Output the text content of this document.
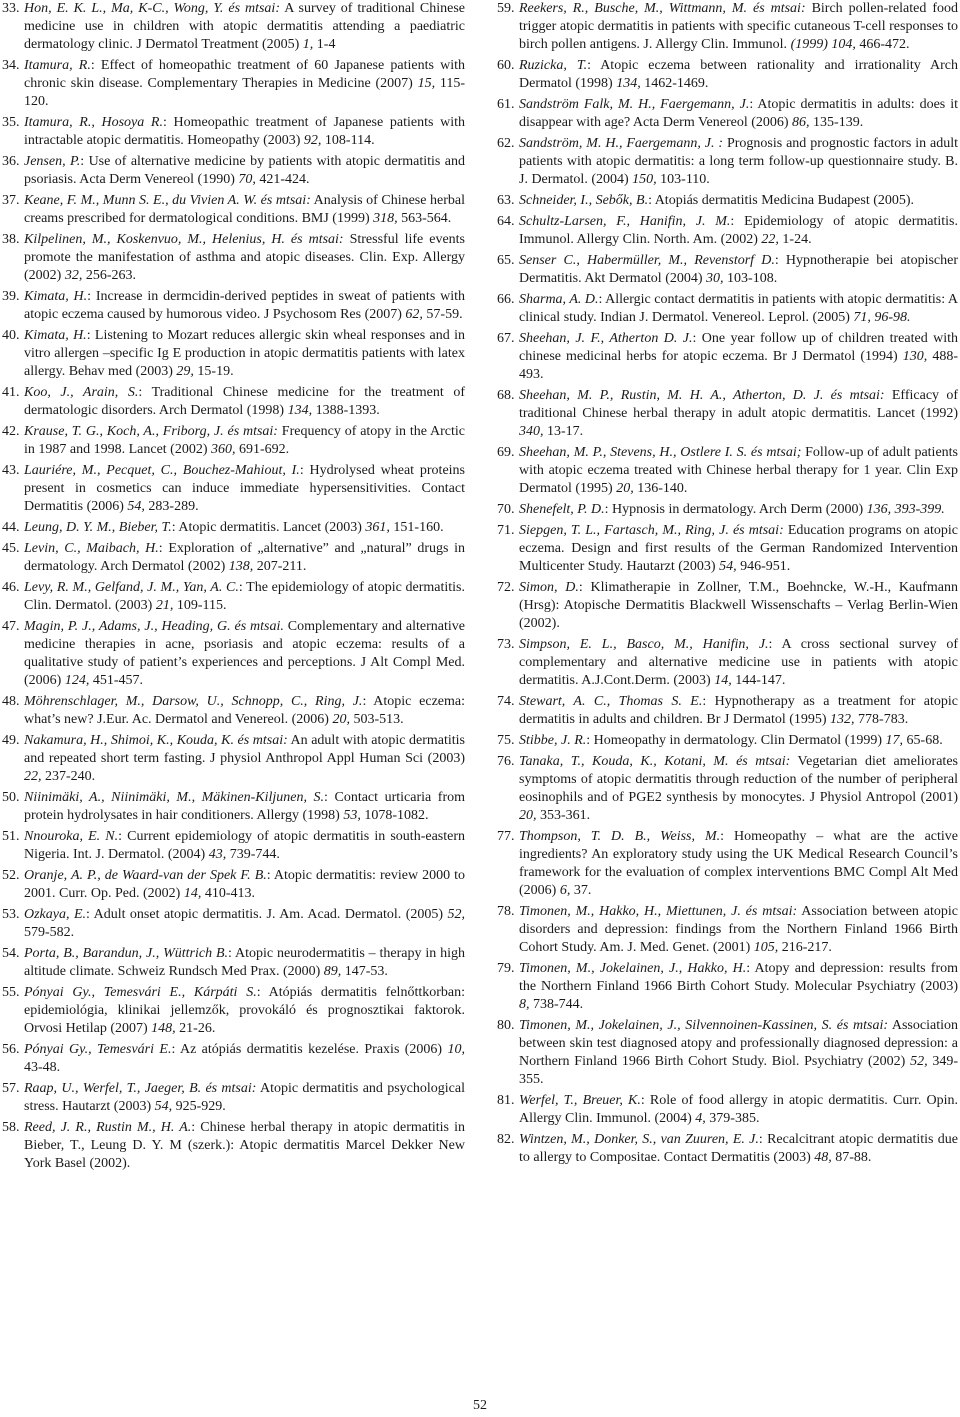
33. Hon, E. K. L., Ma, K-C., Wong, Y. és mtsai: A survey of traditional Chinese medicine use in children with atopic dermatitis attending a paediatric dermatology clinic. J Dermatol Treatment (2005) 1, 1-4
34. Itamura, R.: Effect of homeopathic treatment of 60 Japanese patients with chronic skin disease. Complementary Therapies in Medicine (2007) 15, 115-120.
35. Itamura, R., Hosoya R.: Homeopathic treatment of Japanese patients with intractable atopic dermatitis. Homeopathy (2003) 92, 108-114.
36. Jensen, P.: Use of alternative medicine by patients with atopic dermatitis and psoriasis. Acta Derm Venereol (1990) 70, 421-424.
37. Keane, F. M., Munn S. E., du Vivien A. W. és mtsai: Analysis of Chinese herbal creams prescribed for dermatological conditions. BMJ (1999) 318, 563-564.
38. Kilpelinen, M., Koskenvuo, M., Helenius, H. és mtsai: Stressful life events promote the manifestation of asthma and atopic diseases. Clin. Exp. Allergy (2002) 32, 256-263.
39. Kimata, H.: Increase in dermcidin-derived peptides in sweat of patients with atopic eczema caused by humorous video. J Psychosom Res (2007) 62, 57-59.
40. Kimata, H.: Listening to Mozart reduces allergic skin wheal responses and in vitro allergen –specific Ig E production in atopic dermatitis patients with latex allergy. Behav med (2003) 29, 15-19.
41. Koo, J., Arain, S.: Traditional Chinese medicine for the treatment of dermatologic disorders. Arch Dermatol (1998) 134, 1388-1393.
42. Krause, T. G., Koch, A., Friborg, J. és mtsai: Frequency of atopy in the Arctic in 1987 and 1998. Lancet (2002) 360, 691-692.
43. Lauriére, M., Pecquet, C., Bouchez-Mahiout, I.: Hydrolysed wheat proteins present in cosmetics can induce immediate hypersensitivities. Contact Dermatitis (2006) 54, 283-289.
44. Leung, D. Y. M., Bieber, T.: Atopic dermatitis. Lancet (2003) 361, 151-160.
45. Levin, C., Maibach, H.: Exploration of „alternative” and „natural” drugs in dermatology. Arch Dermatol (2002) 138, 207-211.
46. Levy, R. M., Gelfand, J. M., Yan, A. C.: The epidemiology of atopic dermatitis. Clin. Dermatol. (2003) 21, 109-115.
47. Magin, P. J., Adams, J., Heading, G. és mtsai. Complementary and alternative medicine therapies in acne, psoriasis and atopic eczema: results of a qualitative study of patient’s experiences and perceptions. J Alt Compl Med. (2006) 124, 451-457.
48. Möhrenschlager, M., Darsow, U., Schnopp, C., Ring, J.: Atopic eczema: what’s new? J.Eur. Ac. Dermatol and Venereol. (2006) 20, 503-513.
49. Nakamura, H., Shimoi, K., Kouda, K. és mtsai: An adult with atopic dermatitis and repeated short term fasting. J physiol Anthropol Appl Human Sci (2003) 22, 237-240.
50. Niinimäki, A., Niinimäki, M., Mäkinen-Kiljunen, S.: Contact urticaria from protein hydrolysates in hair conditioners. Allergy (1998) 53, 1078-1082.
51. Nnouroka, E. N.: Current epidemiology of atopic dermatitis in south-eastern Nigeria. Int. J. Dermatol. (2004) 43, 739-744.
52. Oranje, A. P., de Waard-van der Spek F. B.: Atopic dermatitis: review 2000 to 2001. Curr. Op. Ped. (2002) 14, 410-413.
53. Ozkaya, E.: Adult onset atopic dermatitis. J. Am. Acad. Dermatol. (2005) 52, 579-582.
54. Porta, B., Barandun, J., Wüttrich B.: Atopic neurodermatitis – therapy in high altitude climate. Schweiz Rundsch Med Prax. (2000) 89, 147-53.
55. Pónyai Gy., Temesvári E., Kárpáti S.: Atópiás dermatitis felnőttkorban: epidemiológia, klinikai jellemzők, provokáló és prognosztikai faktorok. Orvosi Hetilap (2007) 148, 21-26.
56. Pónyai Gy., Temesvári E.: Az atópiás dermatitis kezelése. Praxis (2006) 10, 43-48.
57. Raap, U., Werfel, T., Jaeger, B. és mtsai: Atopic dermatitis and psychological stress. Hautarzt (2003) 54, 925-929.
58. Reed, J. R., Rustin M., H. A.: Chinese herbal therapy in atopic dermatitis in Bieber, T., Leung D. Y. M (szerk.): Atopic dermatitis Marcel Dekker New York Basel (2002).
59. Reekers, R., Busche, M., Wittmann, M. és mtsai: Birch pollen-related food trigger atopic dermatitis in patients with specific cutaneous T-cell responses to birch pollen antigens. J. Allergy Clin. Immunol. (1999) 104, 466-472.
60. Ruzicka, T.: Atopic eczema between rationality and irrationality Arch Dermatol (1998) 134, 1462-1469.
61. Sandström Falk, M. H., Faergemann, J.: Atopic dermatitis in adults: does it disappear with age? Acta Derm Venereol (2006) 86, 135-139.
62. Sandström, M. H., Faergemann, J. : Prognosis and prognostic factors in adult patients with atopic dermatitis: a long term follow-up questionnaire study. B. J. Dermatol. (2004) 150, 103-110.
63. Schneider, I., Sebők, B.: Atopiás dermatitis Medicina Budapest (2005).
64. Schultz-Larsen, F., Hanifin, J. M.: Epidemiology of atopic dermatitis. Immunol. Allergy Clin. North. Am. (2002) 22, 1-24.
65. Senser C., Habermüller, M., Revenstorf D.: Hypnotherapie bei atopischer Dermatitis. Akt Dermatol (2004) 30, 103-108.
66. Sharma, A. D.: Allergic contact dermatitis in patients with atopic dermatitis: A clinical study. Indian J. Dermatol. Venereol. Leprol. (2005) 71, 96-98.
67. Sheehan, J. F., Atherton D. J.: One year follow up of children treated with chinese medicinal herbs for atopic eczema. Br J Dermatol (1994) 130, 488-493.
68. Sheehan, M. P., Rustin, M. H. A., Atherton, D. J. és mtsai: Efficacy of traditional Chinese herbal therapy in adult atopic dermatitis. Lancet (1992) 340, 13-17.
69. Sheehan, M. P., Stevens, H., Ostlere I. S. és mtsai; Follow-up of adult patients with atopic eczema treated with Chinese herbal therapy for 1 year. Clin Exp Dermatol (1995) 20, 136-140.
70. Shenefelt, P. D.: Hypnosis in dermatology. Arch Derm (2000) 136, 393-399.
71. Siepgen, T. L., Fartasch, M., Ring, J. és mtsai: Education programs on atopic eczema. Design and first results of the German Randomized Intervention Multicenter Study. Hautarzt (2003) 54, 946-951.
72. Simon, D.: Klimatherapie in Zollner, T.M., Boehncke, W.-H., Kaufmann (Hrsg): Atopische Dermatitis Blackwell Wissenschafts – Verlag Berlin-Wien (2002).
73. Simpson, E. L., Basco, M., Hanifin, J.: A cross sectional survey of complementary and alternative medicine use in patients with atopic dermatitis. A.J.Cont.Derm. (2003) 14, 144-147.
74. Stewart, A. C., Thomas S. E.: Hypnotherapy as a treatment for atopic dermatitis in adults and children. Br J Dermatol (1995) 132, 778-783.
75. Stibbe, J. R.: Homeopathy in dermatology. Clin Dermatol (1999) 17, 65-68.
76. Tanaka, T., Kouda, K., Kotani, M. és mtsai: Vegetarian diet ameliorates symptoms of atopic dermatitis through reduction of the number of peripheral eosinophils and of PGE2 synthesis by monocytes. J Physiol Antropol (2001) 20, 353-361.
77. Thompson, T. D. B., Weiss, M.: Homeopathy – what are the active ingredients? An exploratory study using the UK Medical Research Council’s framework for the evaluation of complex interventions BMC Compl Alt Med (2006) 6, 37.
78. Timonen, M., Hakko, H., Miettunen, J. és mtsai: Association between atopic disorders and depression: findings from the Northern Finland 1966 Birth Cohort Study. Am. J. Med. Genet. (2001) 105, 216-217.
79. Timonen, M., Jokelainen, J., Hakko, H.: Atopy and depression: results from the Northern Finland 1966 Birth Cohort Study. Molecular Psychiatry (2003) 8, 738-744.
80. Timonen, M., Jokelainen, J., Silvennoinen-Kassinen, S. és mtsai: Association between skin test diagnosed atopy and professionally diagnosed depression: a Northern Finland 1966 Birth Cohort Study. Biol. Psychiatry (2002) 52, 349-355.
81. Werfel, T., Breuer, K.: Role of food allergy in atopic dermatitis. Curr. Opin. Allergy Clin. Immunol. (2004) 4, 379-385.
82. Wintzen, M., Donker, S., van Zuuren, E. J.: Recalcitrant atopic dermatitis due to allergy to Compositae. Contact Dermatitis (2003) 48, 87-88.
52
